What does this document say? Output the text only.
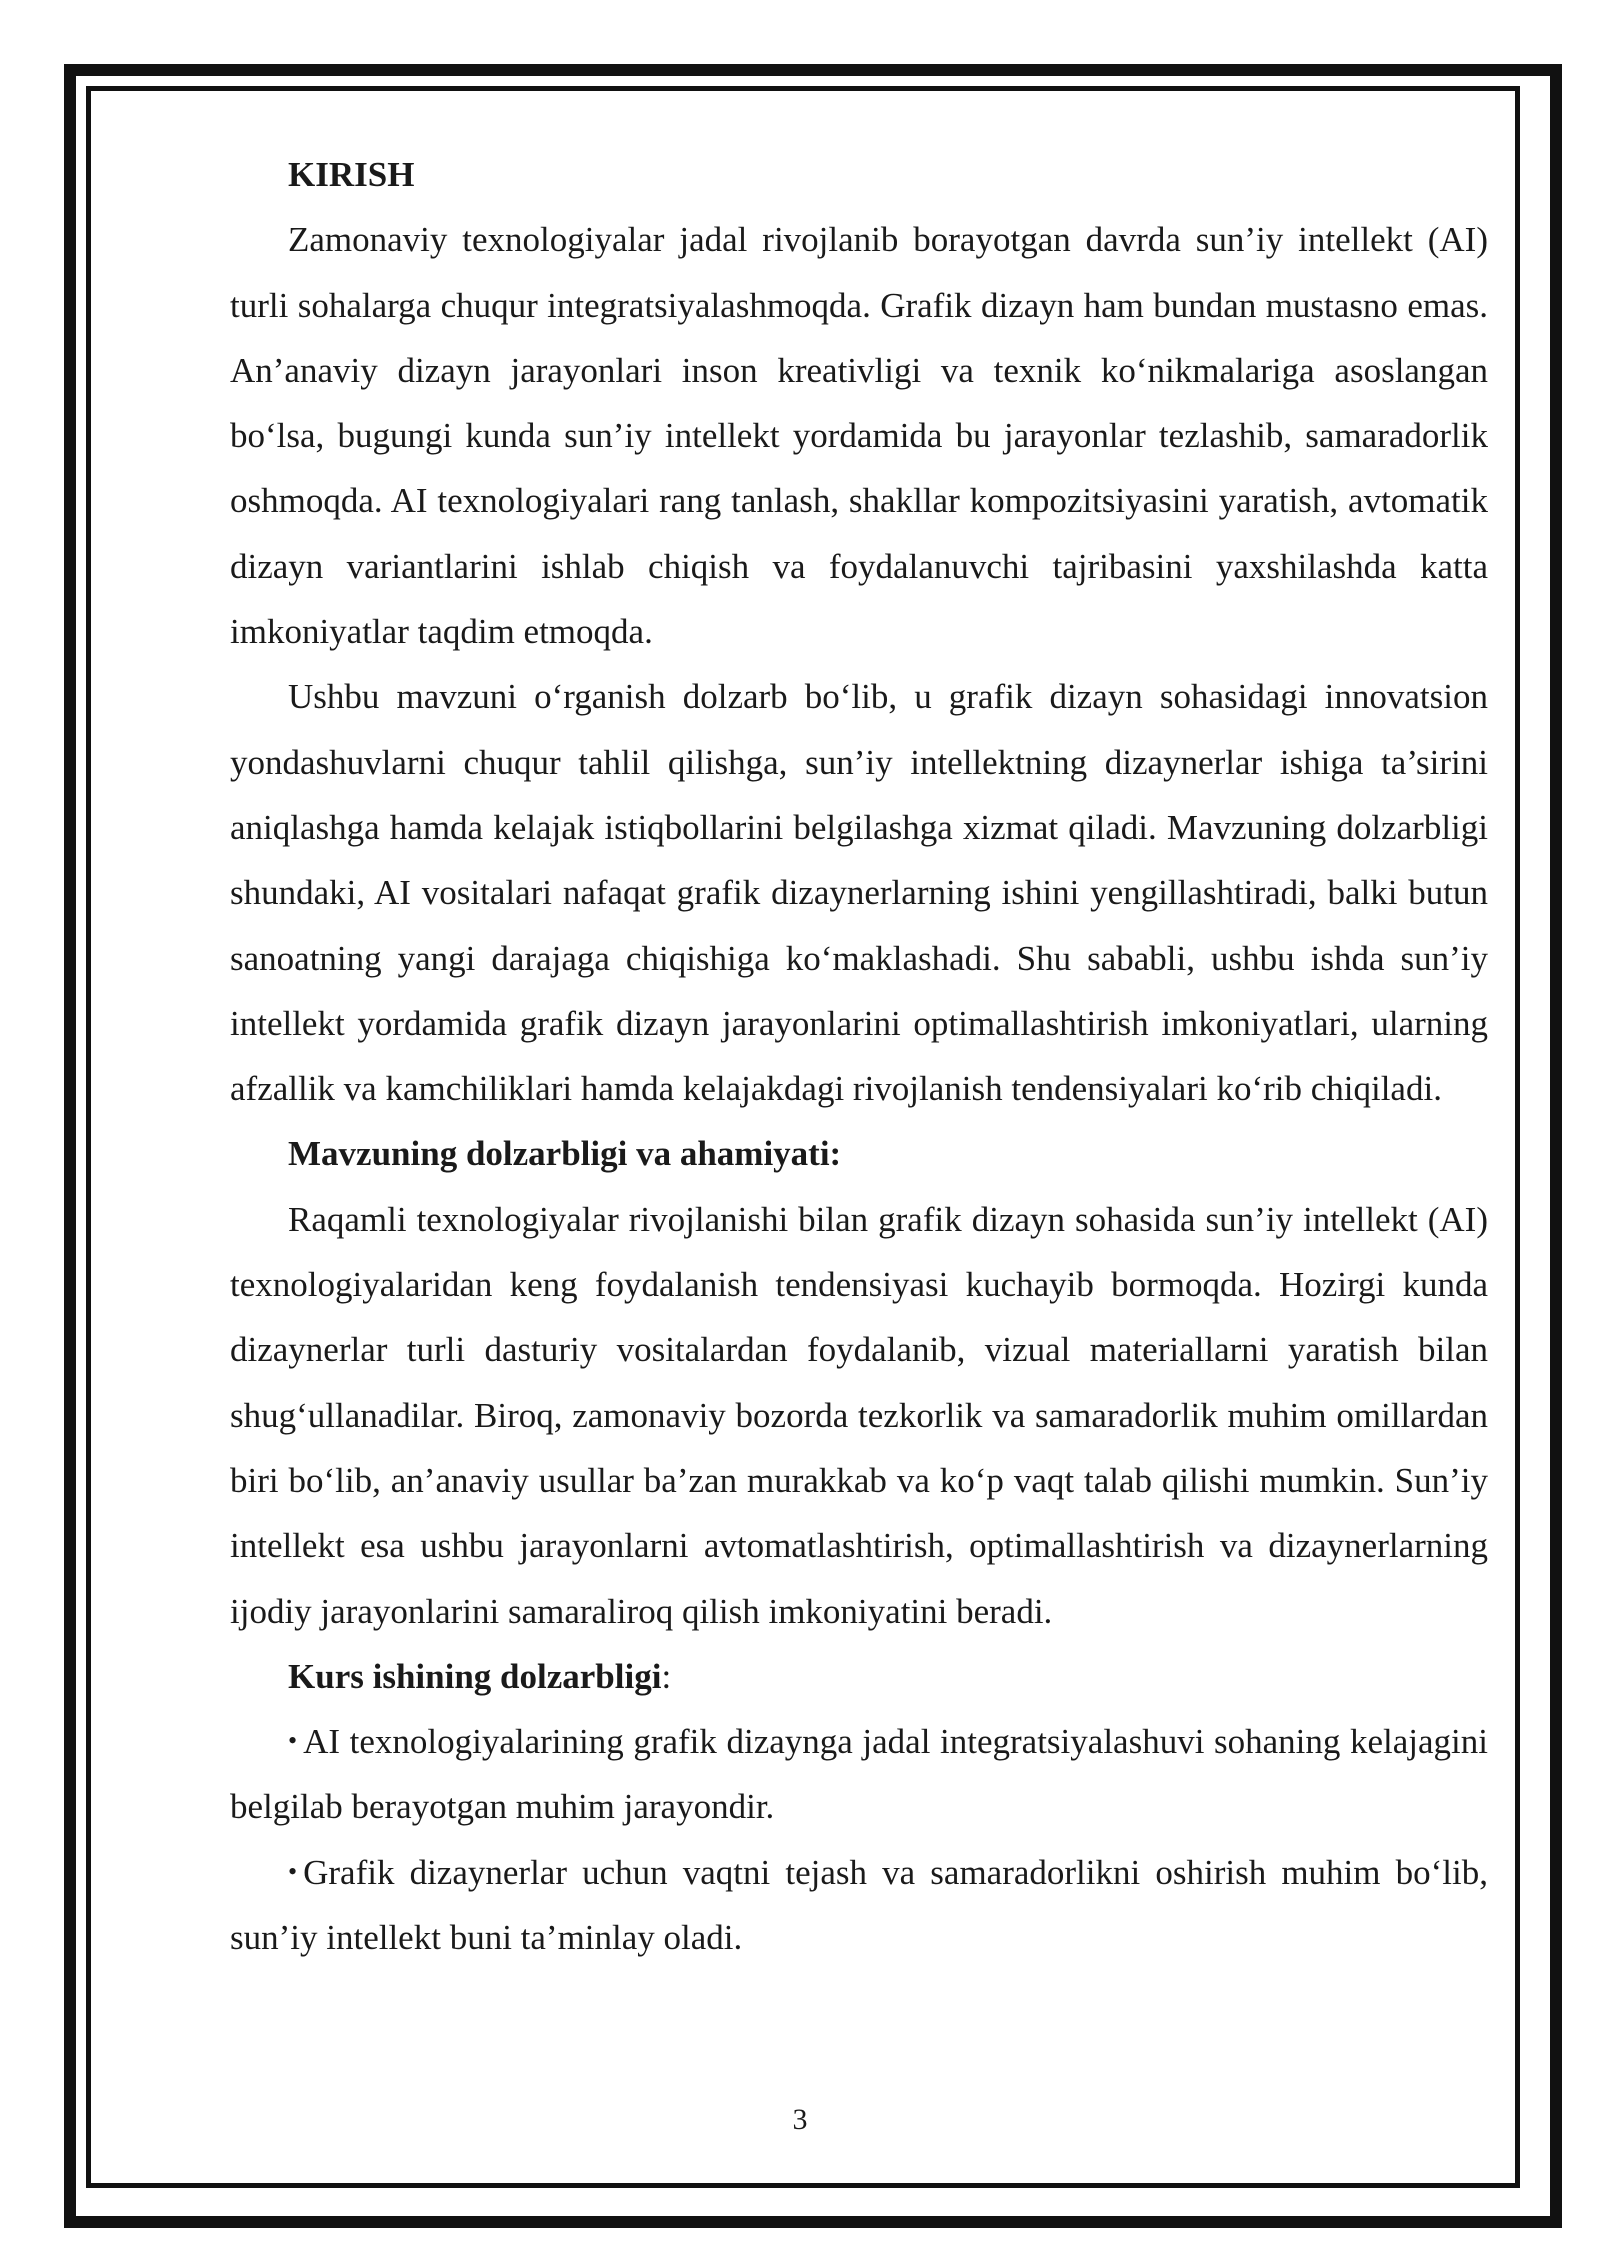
KIRISH

Zamonaviy texnologiyalar jadal rivojlanib borayotgan davrda sun’iy intellekt (AI) turli sohalarga chuqur integratsiyalashmoqda. Grafik dizayn ham bundan mustasno emas. An’anaviy dizayn jarayonlari inson kreativligi va texnik ko‘nikmalariga asoslangan bo‘lsa, bugungi kunda sun’iy intellekt yordamida bu jarayonlar tezlashib, samaradorlik oshmoqda. AI texnologiyalari rang tanlash, shakllar kompozitsiyasini yaratish, avtomatik dizayn variantlarini ishlab chiqish va foydalanuvchi tajribasini yaxshilashda katta imkoniyatlar taqdim etmoqda.

Ushbu mavzuni o‘rganish dolzarb bo‘lib, u grafik dizayn sohasidagi innovatsion yondashuvlarni chuqur tahlil qilishga, sun’iy intellektning dizaynerlar ishiga ta’sirini aniqlashga hamda kelajak istiqbollarini belgilashga xizmat qiladi. Mavzuning dolzarbligi shundaki, AI vositalari nafaqat grafik dizaynerlarning ishini yengillashtiradi, balki butun sanoatning yangi darajaga chiqishiga ko‘maklashadi. Shu sababli, ushbu ishda sun’iy intellekt yordamida grafik dizayn jarayonlarini optimallashtirish imkoniyatlari, ularning afzallik va kamchiliklari hamda kelajakdagi rivojlanish tendensiyalari ko‘rib chiqiladi.

Mavzuning dolzarbligi va ahamiyati:

Raqamli texnologiyalar rivojlanishi bilan grafik dizayn sohasida sun’iy intellekt (AI) texnologiyalaridan keng foydalanish tendensiyasi kuchayib bormoqda. Hozirgi kunda dizaynerlar turli dasturiy vositalardan foydalanib, vizual materiallarni yaratish bilan shug‘ullanadilar. Biroq, zamonaviy bozorda tezkorlik va samaradorlik muhim omillardan biri bo‘lib, an’anaviy usullar ba’zan murakkab va ko‘p vaqt talab qilishi mumkin. Sun’iy intellekt esa ushbu jarayonlarni avtomatlashtirish, optimallashtirish va dizaynerlarning ijodiy jarayonlarini samaraliroq qilish imkoniyatini beradi.

Kurs ishining dolzarbligi:

• AI texnologiyalarining grafik dizaynga jadal integratsiyalashuvi sohaning kelajagini belgilab berayotgan muhim jarayondir.

• Grafik dizaynerlar uchun vaqtni tejash va samaradorlikni oshirish muhim bo‘lib, sun’iy intellekt buni ta’minlay oladi.

3
